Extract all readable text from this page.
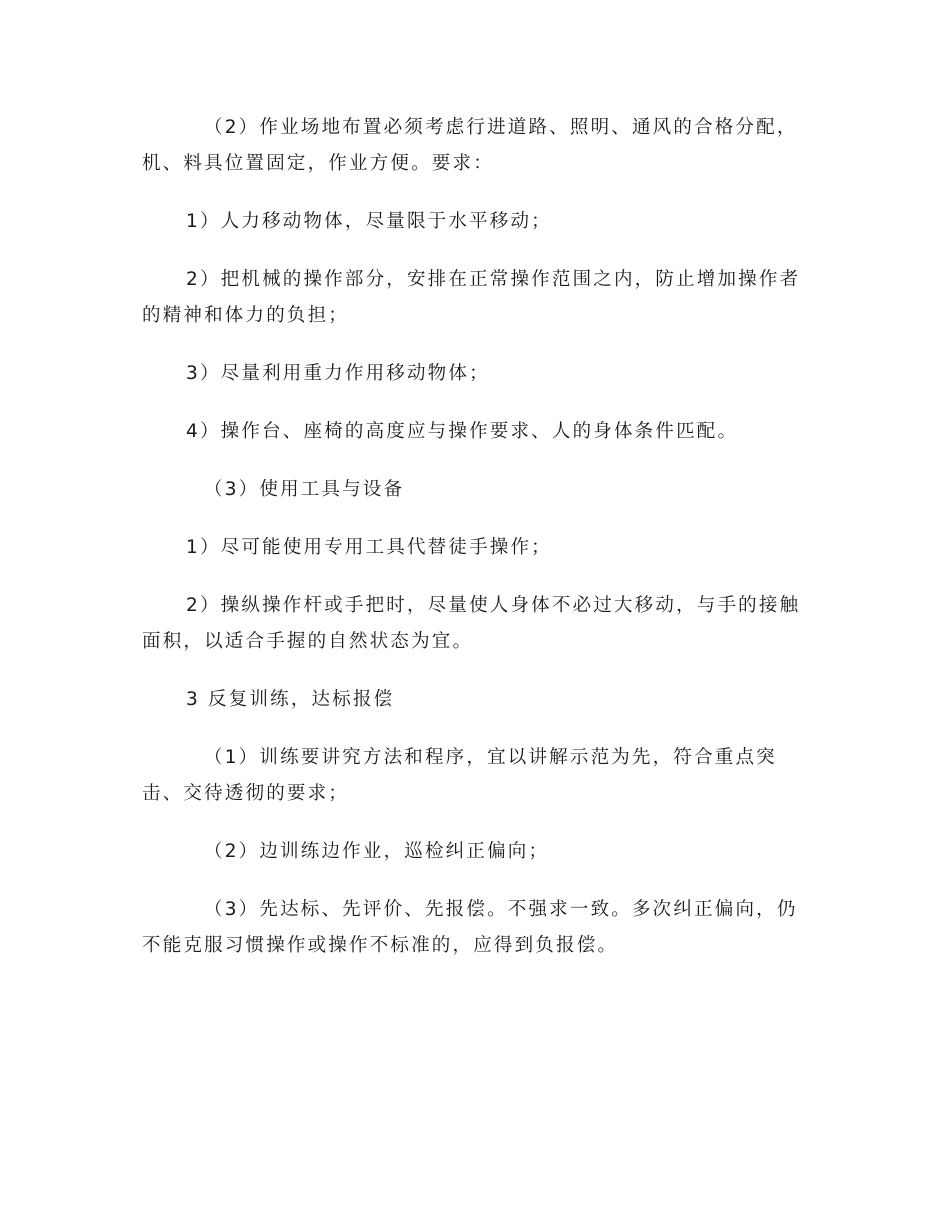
（2）作业场地布置必须考虑行进道路、照明、通风的合格分配，机、料具位置固定，作业方便。要求：

1）人力移动物体，尽量限于水平移动；

2）把机械的操作部分，安排在正常操作范围之内，防止增加操作者的精神和体力的负担；

3）尽量利用重力作用移动物体；

4）操作台、座椅的高度应与操作要求、人的身体条件匹配。

（3）使用工具与设备

1）尽可能使用专用工具代替徒手操作；

2）操纵操作杆或手把时，尽量使人身体不必过大移动，与手的接触面积，以适合手握的自然状态为宜。

3 反复训练，达标报偿

（1）训练要讲究方法和程序，宜以讲解示范为先，符合重点突击、交待透彻的要求；

（2）边训练边作业，巡检纠正偏向；

（3）先达标、先评价、先报偿。不强求一致。多次纠正偏向，仍不能克服习惯操作或操作不标准的，应得到负报偿。
